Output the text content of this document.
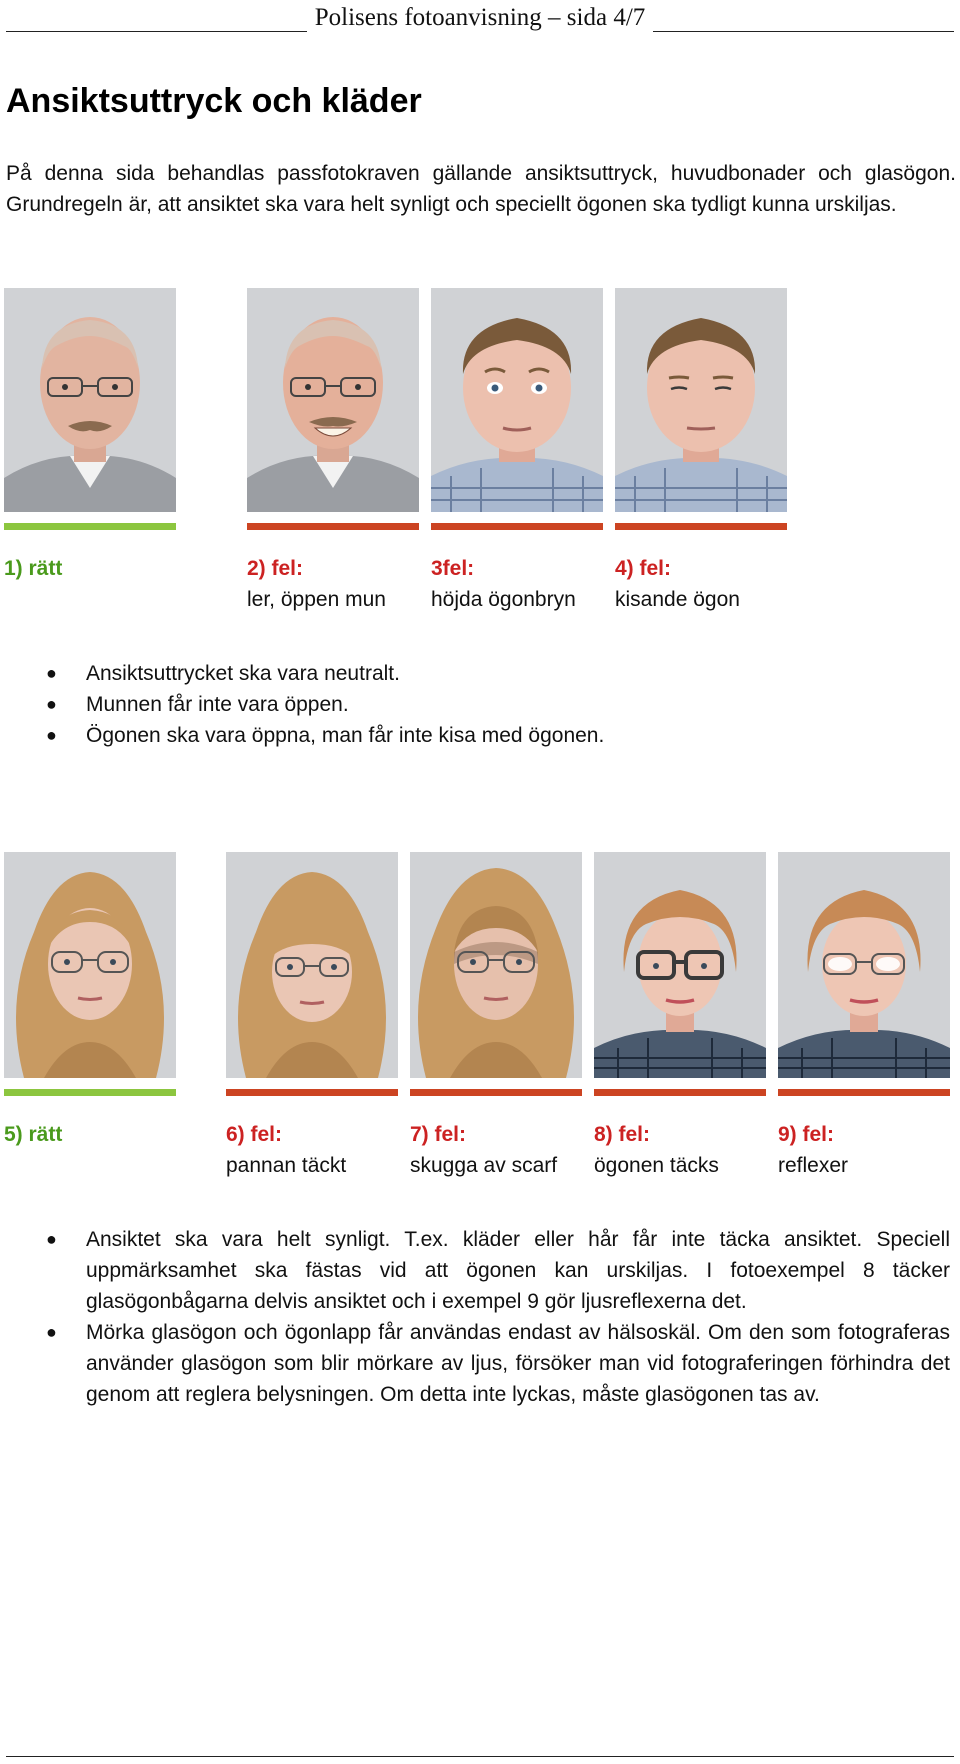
Polisens fotoanvisning – sida 4/7
Ansiktsuttryck och kläder

På denna sida behandlas passfotokraven gällande ansiktsuttryck, huvudbonader och glasögon. Grundregeln är, att ansiktet ska vara helt synligt och speciellt ögonen ska tydligt kunna urskiljas.

1) rätt	2) fel:
ler, öppen mun
3fel:
höjda ögonbryn
4) fel:
kisande ögon
● Ansiktsuttrycket ska vara neutralt.
● Munnen får inte vara öppen.
● Ögonen ska vara öppna, man får inte kisa med ögonen.
5) rätt	6) fel:
pannan täckt
7) fel:
skugga av scarf
8) fel:
ögonen täcks
9) fel:
reflexer
● Ansiktet ska vara helt synligt. T.ex. kläder eller hår får inte täcka ansiktet. Speciell uppmärksamhet ska fästas vid att ögonen kan urskiljas. I fotoexempel 8 täcker glasögonbågarna delvis ansiktet och i exempel 9 gör ljusreflexerna det.
● Mörka glasögon och ögonlapp får användas endast av hälsoskäl. Om den som fotograferas använder glasögon som blir mörkare av ljus, försöker man vid fotograferingen förhindra det genom att reglera belysningen. Om detta inte lyckas, måste glasögonen tas av.
